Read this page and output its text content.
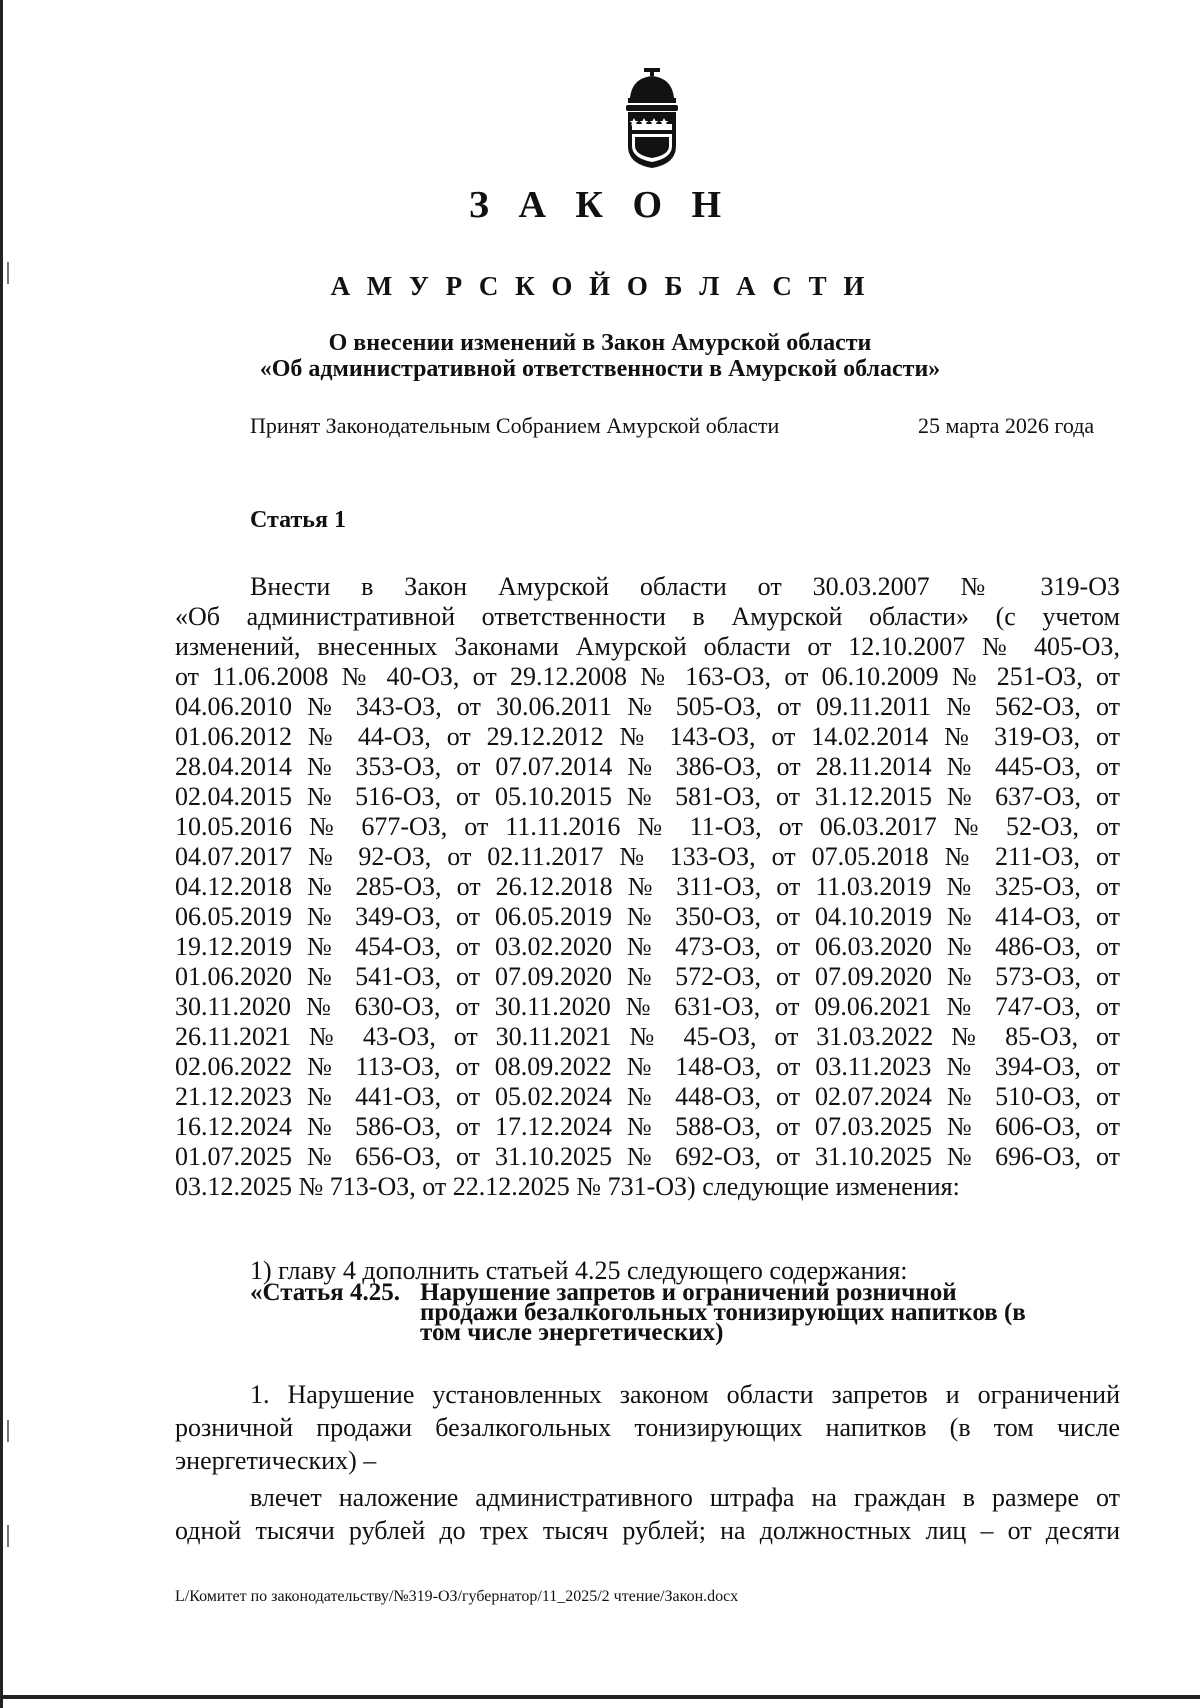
З А К О Н
А М У Р С К О Й О Б Л А С Т И
О внесении изменений в Закон Амурской области
«Об административной ответственности в Амурской области»
Принят Законодательным Собранием Амурской области	25 марта 2026 года
Статья 1
Внести в Закон Амурской области от 30.03.2007 № 319-ОЗ
«Об административной ответственности в Амурской области» (с учетом
изменений, внесенных Законами Амурской области от 12.10.2007 № 405-ОЗ,
от 11.06.2008 № 40-ОЗ, от 29.12.2008 № 163-ОЗ, от 06.10.2009 № 251-ОЗ, от
04.06.2010 № 343-ОЗ, от 30.06.2011 № 505-ОЗ, от 09.11.2011 № 562-ОЗ, от
01.06.2012 № 44-ОЗ, от 29.12.2012 № 143-ОЗ, от 14.02.2014 № 319-ОЗ, от
28.04.2014 № 353-ОЗ, от 07.07.2014 № 386-ОЗ, от 28.11.2014 № 445-ОЗ, от
02.04.2015 № 516-ОЗ, от 05.10.2015 № 581-ОЗ, от 31.12.2015 № 637-ОЗ, от
10.05.2016 № 677-ОЗ, от 11.11.2016 № 11-ОЗ, от 06.03.2017 № 52-ОЗ, от
04.07.2017 № 92-ОЗ, от 02.11.2017 № 133-ОЗ, от 07.05.2018 № 211-ОЗ, от
04.12.2018 № 285-ОЗ, от 26.12.2018 № 311-ОЗ, от 11.03.2019 № 325-ОЗ, от
06.05.2019 № 349-ОЗ, от 06.05.2019 № 350-ОЗ, от 04.10.2019 № 414-ОЗ, от
19.12.2019 № 454-ОЗ, от 03.02.2020 № 473-ОЗ, от 06.03.2020 № 486-ОЗ, от
01.06.2020 № 541-ОЗ, от 07.09.2020 № 572-ОЗ, от 07.09.2020 № 573-ОЗ, от
30.11.2020 № 630-ОЗ, от 30.11.2020 № 631-ОЗ, от 09.06.2021 № 747-ОЗ, от
26.11.2021 № 43-ОЗ, от 30.11.2021 № 45-ОЗ, от 31.03.2022 № 85-ОЗ, от
02.06.2022 № 113-ОЗ, от 08.09.2022 № 148-ОЗ, от 03.11.2023 № 394-ОЗ, от
21.12.2023 № 441-ОЗ, от 05.02.2024 № 448-ОЗ, от 02.07.2024 № 510-ОЗ, от
16.12.2024 № 586-ОЗ, от 17.12.2024 № 588-ОЗ, от 07.03.2025 № 606-ОЗ, от
01.07.2025 № 656-ОЗ, от 31.10.2025 № 692-ОЗ, от 31.10.2025 № 696-ОЗ, от
03.12.2025 № 713-ОЗ, от 22.12.2025 № 731-ОЗ) следующие изменения:
1) главу 4 дополнить статьей 4.25 следующего содержания:
«Статья 4.25. Нарушение запретов и ограничений розничной
продажи безалкогольных тонизирующих напитков (в
том числе энергетических)
1. Нарушение установленных законом области запретов и ограничений
розничной продажи безалкогольных тонизирующих напитков (в том числе
энергетических) –
влечет наложение административного штрафа на граждан в размере от
одной тысячи рублей до трех тысяч рублей; на должностных лиц – от десяти
L/Комитет по законодательству/№319-ОЗ/губернатор/11_2025/2 чтение/Закон.docx
